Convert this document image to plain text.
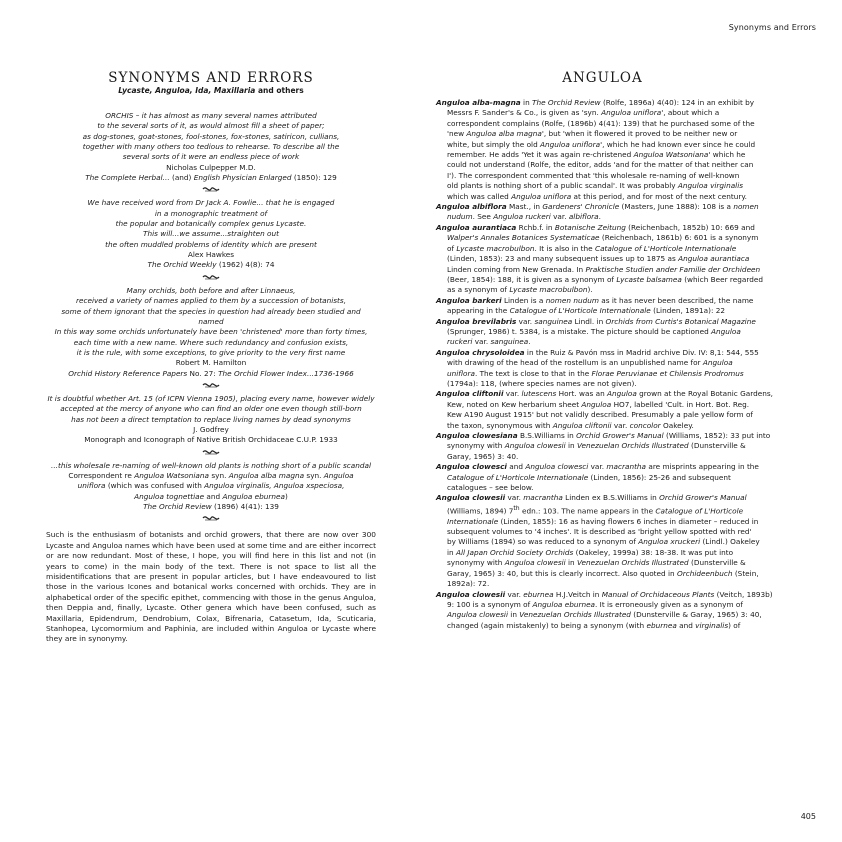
Synonyms and Errors
405
SYNONYMS AND ERRORS
Lycaste, Anguloa, Ida, Maxillaria and others
ORCHIS – it has almost as many several names attributed
to the several sorts of it, as would almost fill a sheet of paper;
as dog-stones, goat-stones, fool-stones, fox-stones, satiricon, cullians,
together with many others too tedious to rehearse. To describe all the
several sorts of it were an endless piece of work
Nicholas Culpepper M.D.
The Complete Herbal... (and) English Physician Enlarged (1850): 129
We have received word from Dr Jack A. Fowlie... that he is engaged
in a monographic treatment of
the popular and botanically complex genus Lycaste.
This will...we assume...straighten out
the often muddled problems of identity which are present
Alex Hawkes
The Orchid Weekly (1962) 4(8): 74
Many orchids, both before and after Linnaeus,
received a variety of names applied to them by a succession of botanists,
some of them ignorant that the species in question had already been studied and
named
In this way some orchids unfortunately have been 'christened' more than forty times,
each time with a new name. Where such redundancy and confusion exists,
it is the rule, with some exceptions, to give priority to the very first name
Robert M. Hamilton
Orchid History Reference Papers No. 27: The Orchid Flower Index...1736-1966
It is doubtful whether Art. 15 (of ICPN Vienna 1905), placing every name, however widely
accepted at the mercy of anyone who can find an older one even though still-born
has not been a direct temptation to replace living names by dead synonyms
J. Godfrey
Monograph and Iconograph of Native British Orchidaceae C.U.P. 1933
...this wholesale re-naming of well-known old plants is nothing short of a public scandal
Correspondent re Anguloa Watsoniana syn. Anguloa alba magna syn. Anguloa
uniflora (which was confused with Anguloa virginalis, Anguloa xspeciosa,
Anguloa tognettiae and Anguloa eburnea)
The Orchid Review (1896) 4(41): 139
Such is the enthusiasm of botanists and orchid growers, that there are now over 300
Lycaste and Anguloa names which have been used at some time and are either incorrect
or are now redundant. Most of these, I hope, you will find here in this list and not (in
years to come) in the main body of the text. There is not space to list all the
misidentifications that are present in popular articles, but I have endeavoured to list
those in the various Icones and botanical works concerned with orchids. They are in
alphabetical order of the specific epithet, commencing with those in the genus Anguloa,
then Deppia and, finally, Lycaste. Other genera which have been confused, such as
Maxillaria, Epidendrum, Dendrobium, Colax, Bifrenaria, Catasetum, Ida, Scuticaria,
Stanhopea, Lycomormium and Paphinia, are included within Anguloa or Lycaste where
they are in synonymy.
ANGULOA
Anguloa alba-magna in The Orchid Review (Rolfe, 1896a) 4(40): 124 in an exhibit by
Messrs F. Sander's & Co., is given as 'syn. Anguloa uniflora', about which a
correspondent complains (Rolfe, (1896b) 4(41): 139) that he purchased some of the
'new Anguloa alba magna', but 'when it flowered it proved to be neither new or
white, but simply the old Anguloa uniflora', which he had known ever since he could
remember. He adds 'Yet it was again re-christened Anguloa Watsoniana' which he
could not understand (Rolfe, the editor, adds 'and for the matter of that neither can
I'). The correspondent commented that 'this wholesale re-naming of well-known
old plants is nothing short of a public scandal'. It was probably Anguloa virginalis
which was called Anguloa uniflora at this period, and for most of the next century.
Anguloa albiflora Mast., in Gardeners' Chronicle (Masters, June 1888): 108 is a nomen
nudum. See Anguloa ruckeri var. albiflora.
Anguloa aurantiaca Rchb.f. in Botanische Zeitung (Reichenbach, 1852b) 10: 669 and
Walper's Annales Botanices Systematicae (Reichenbach, 1861b) 6: 601 is a synonym
of Lycaste macrobulbon. It is also in the Catalogue of L'Horticole Internationale
(Linden, 1853): 23 and many subsequent issues up to 1875 as Anguloa aurantiaca
Linden coming from New Grenada. In Praktische Studien ander Familie der Orchideen
(Beer, 1854): 188, it is given as a synonym of Lycaste balsamea (which Beer regarded
as a synonym of Lycaste macrobulbon).
Anguloa barkeri Linden is a nomen nudum as it has never been described, the name
appearing in the Catalogue of L'Horticole Internationale (Linden, 1891a): 22
Anguloa brevilabris var. sanguinea Lindl. in Orchids from Curtis's Botanical Magazine
(Sprunger, 1986) t. 5384, is a mistake. The picture should be captioned Anguloa
ruckeri var. sanguinea.
Anguloa chrysoloidea in the Ruiz & Pavón mss in Madrid archive Div. IV: 8,1: 544, 555
with drawing of the head of the rostellum is an unpublished name for Anguloa
uniflora. The text is close to that in the Florae Peruvianae et Chilensis Prodromus
(1794a): 118, (where species names are not given).
Anguloa cliftonii var. lutescens Hort. was an Anguloa grown at the Royal Botanic Gardens,
Kew, noted on Kew herbarium sheet Anguloa HO7, labelled 'Cult. in Hort. Bot. Reg.
Kew A190 August 1915' but not validly described. Presumably a pale yellow form of
the taxon, synonymous with Anguloa cliftonii var. concolor Oakeley.
Anguloa clowesiana B.S.Williams in Orchid Grower's Manual (Williams, 1852): 33 put into
synonymy with Anguloa clowesii in Venezuelan Orchids Illustrated (Dunsterville &
Garay, 1965) 3: 40.
Anguloa clowesci and Anguloa clowesci var. macrantha are misprints appearing in the
Catalogue of L'Horticole Internationale (Linden, 1856): 25-26 and subsequent
catalogues – see below.
Anguloa clowesii var. macrantha Linden ex B.S.Williams in Orchid Grower's Manual
(Williams, 1894) 7th edn.: 103. The name appears in the Catalogue of L'Horticole
Internationale (Linden, 1855): 16 as having flowers 6 inches in diameter – reduced in
subsequent volumes to '4 inches'. It is described as 'bright yellow spotted with red'
by Williams (1894) so was reduced to a synonym of Anguloa xruckeri (Lindl.) Oakeley
in All Japan Orchid Society Orchids (Oakeley, 1999a) 38: 18-38. It was put into
synonymy with Anguloa clowesii in Venezuelan Orchids Illustrated (Dunsterville &
Garay, 1965) 3: 40, but this is clearly incorrect. Also quoted in Orchideenbuch (Stein,
1892a): 72.
Anguloa clowesii var. eburnea H.J.Veitch in Manual of Orchidaceous Plants (Veitch, 1893b)
9: 100 is a synonym of Anguloa eburnea. It is erroneously given as a synonym of
Anguloa clowesii in Venezuelan Orchids Illustrated (Dunsterville & Garay, 1965) 3: 40,
changed (again mistakenly) to being a synonym (with eburnea and virginalis) of
